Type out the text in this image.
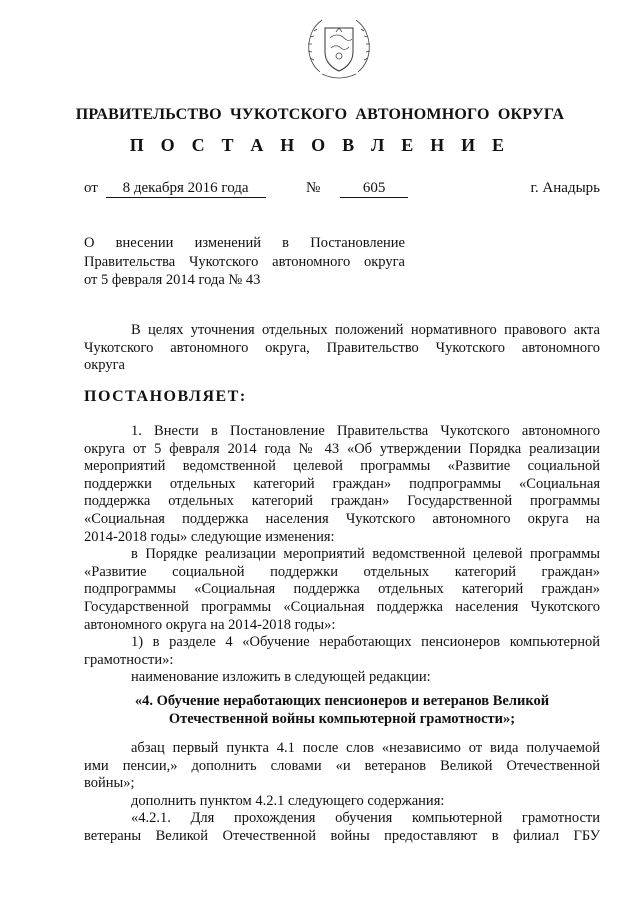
ПРАВИТЕЛЬСТВО ЧУКОТСКОГО АВТОНОМНОГО ОКРУГА
П О С Т А Н О В Л Е Н И Е
от 8 декабря 2016 года	№	605	г. Анадырь
О внесении изменений в Постановление
Правительства Чукотского автономного округа
от 5 февраля 2014 года № 43
В целях уточнения отдельных положений нормативного правового акта
Чукотского автономного округа, Правительство Чукотского автономного
округа
ПОСТАНОВЛЯЕТ:
1. Внести в Постановление Правительства Чукотского автономного
округа от 5 февраля 2014 года № 43 «Об утверждении Порядка реализации
мероприятий ведомственной целевой программы «Развитие социальной
поддержки отдельных категорий граждан» подпрограммы «Социальная
поддержка отдельных категорий граждан» Государственной программы
«Социальная поддержка населения Чукотского автономного округа на
2014-2018 годы» следующие изменения:
в Порядке реализации мероприятий ведомственной целевой программы
«Развитие социальной поддержки отдельных категорий граждан»
подпрограммы «Социальная поддержка отдельных категорий граждан»
Государственной программы «Социальная поддержка населения Чукотского
автономного округа на 2014-2018 годы»:
1) в разделе 4 «Обучение неработающих пенсионеров компьютерной
грамотности»:
наименование изложить в следующей редакции:
«4. Обучение неработающих пенсионеров и ветеранов Великой
Отечественной войны компьютерной грамотности»;
абзац первый пункта 4.1 после слов «независимо от вида получаемой
ими пенсии,» дополнить словами «и ветеранов Великой Отечественной
войны»;
дополнить пунктом 4.2.1 следующего содержания:
«4.2.1. Для прохождения обучения компьютерной грамотности
ветераны Великой Отечественной войны предоставляют в филиал ГБУ
